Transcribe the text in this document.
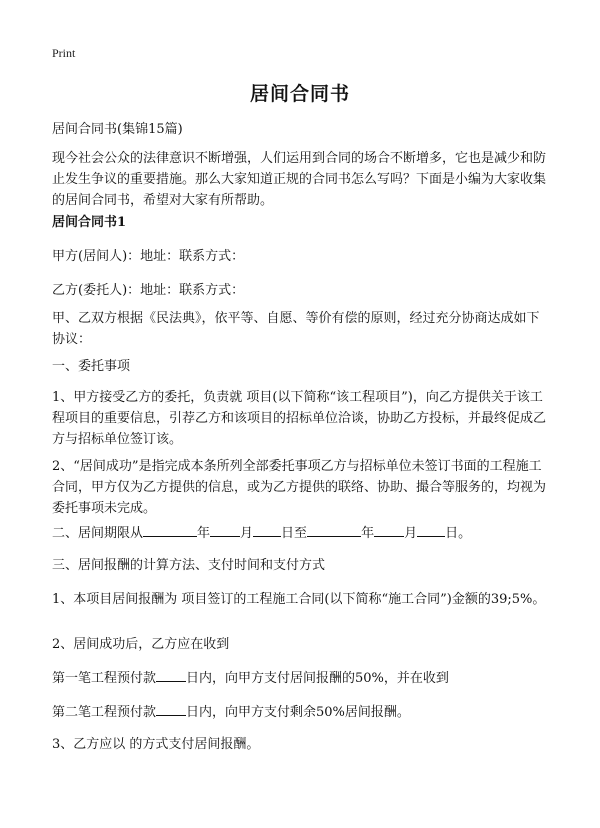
Print
居间合同书
居间合同书(集锦15篇)
现今社会公众的法律意识不断增强，人们运用到合同的场合不断增多，它也是减少和防止发生争议的重要措施。那么大家知道正规的合同书怎么写吗？下面是小编为大家收集的居间合同书，希望对大家有所帮助。
居间合同书1
甲方(居间人)：地址：联系方式：
乙方(委托人)：地址：联系方式：
甲、乙双方根据《民法典》，依平等、自愿、等价有偿的原则，经过充分协商达成如下协议：
一、委托事项
1、甲方接受乙方的委托，负责就 项目(以下简称“该工程项目”)，向乙方提供关于该工程项目的重要信息，引荐乙方和该项目的招标单位洽谈，协助乙方投标，并最终促成乙方与招标单位签订该。
2、“居间成功”是指完成本条所列全部委托事项乙方与招标单位未签订书面的工程施工合同，甲方仅为乙方提供的信息，或为乙方提供的联络、协助、撮合等服务的，均视为委托事项未完成。
二、居间期限从	年 月 日至	年 月 日。
三、居间报酬的计算方法、支付时间和支付方式
1、本项目居间报酬为 项目签订的工程施工合同(以下简称“施工合同”)金额的39;5%。
2、居间成功后，乙方应在收到
第一笔工程预付款 日内，向甲方支付居间报酬的50%，并在收到
第二笔工程预付款 日内，向甲方支付剩余50%居间报酬。
3、乙方应以 的方式支付居间报酬。
